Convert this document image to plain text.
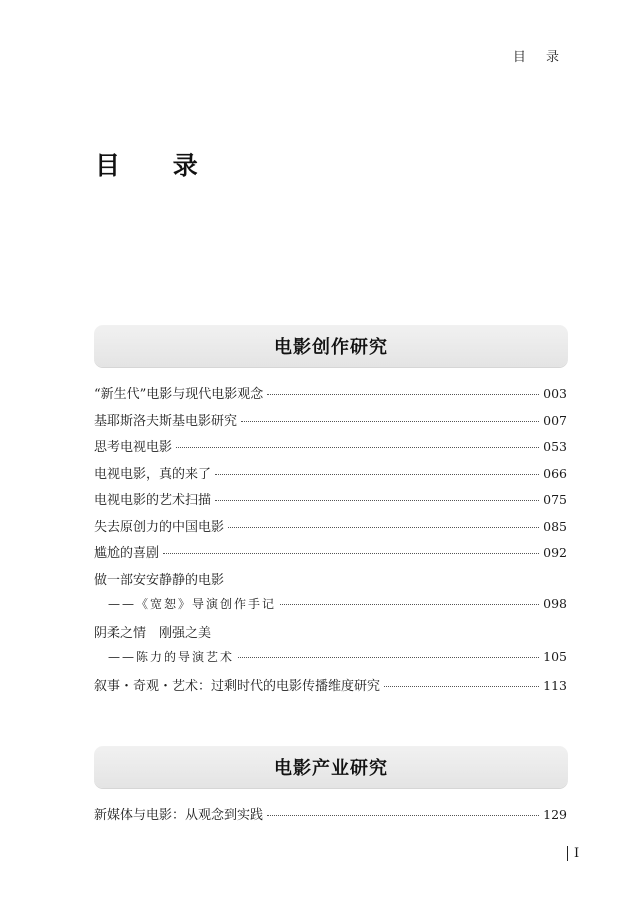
目 录
目 录
电影创作研究
“新生代”电影与现代电影观念	003
基耶斯洛夫斯基电影研究	007
思考电视电影	053
电视电影，真的来了	066
电视电影的艺术扫描	075
失去原创力的中国电影	085
尴尬的喜剧	092
做一部安安静静的电影
——《宽恕》导演创作手记	098
阴柔之情　刚强之美
——陈力的导演艺术	105
叙事・奇观・艺术：过剩时代的电影传播维度研究	113
电影产业研究
新媒体与电影：从观念到实践	129
I
